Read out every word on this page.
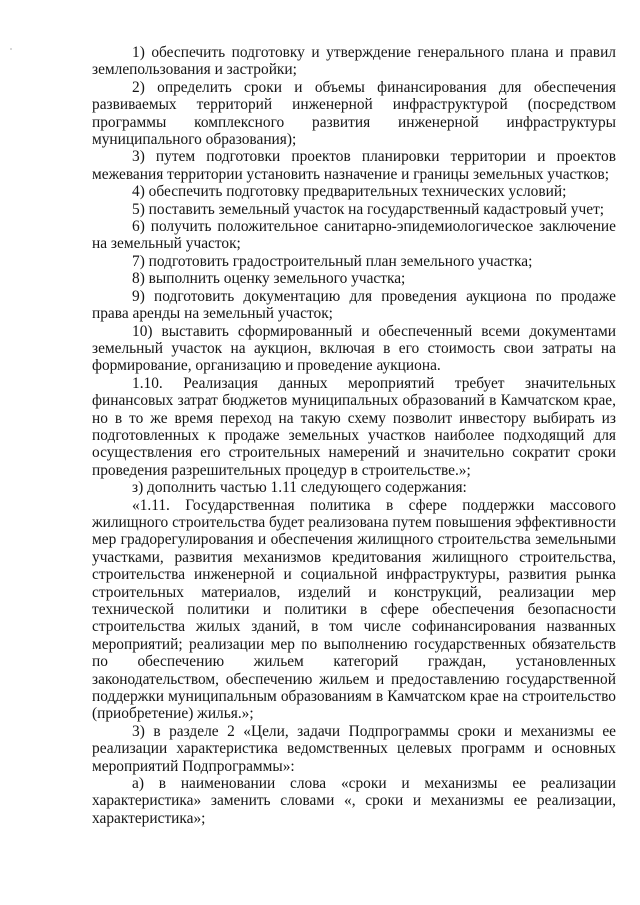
1) обеспечить подготовку и утверждение генерального плана и правил землепользования и застройки;

2) определить сроки и объемы финансирования для обеспечения развиваемых территорий инженерной инфраструктурой (посредством программы комплексного развития инженерной инфраструктуры муниципального образования);

3) путем подготовки проектов планировки территории и проектов межевания территории установить назначение и границы земельных участков;

4) обеспечить подготовку предварительных технических условий;

5) поставить земельный участок на государственный кадастровый учет;

6) получить положительное санитарно-эпидемиологическое заключение на земельный участок;

7) подготовить градостроительный план земельного участка;

8) выполнить оценку земельного участка;

9) подготовить документацию для проведения аукциона по продаже права аренды на земельный участок;

10) выставить сформированный и обеспеченный всеми документами земельный участок на аукцион, включая в его стоимость свои затраты на формирование, организацию и проведение аукциона.

1.10. Реализация данных мероприятий требует значительных финансовых затрат бюджетов муниципальных образований в Камчатском крае, но в то же время переход на такую схему позволит инвестору выбирать из подготовленных к продаже земельных участков наиболее подходящий для осуществления его строительных намерений и значительно сократит сроки проведения разрешительных процедур в строительстве.»;

з) дополнить частью 1.11 следующего содержания:

«1.11. Государственная политика в сфере поддержки массового жилищного строительства будет реализована путем повышения эффективности мер градорегулирования и обеспечения жилищного строительства земельными участками, развития механизмов кредитования жилищного строительства, строительства инженерной и социальной инфраструктуры, развития рынка строительных материалов, изделий и конструкций, реализации мер технической политики и политики в сфере обеспечения безопасности строительства жилых зданий, в том числе софинансирования названных мероприятий; реализации мер по выполнению государственных обязательств по обеспечению жильем категорий граждан, установленных законодательством, обеспечению жильем и предоставлению государственной поддержки муниципальным образованиям в Камчатском крае на строительство (приобретение) жилья.»;

3) в разделе 2 «Цели, задачи Подпрограммы сроки и механизмы ее реализации характеристика ведомственных целевых программ и основных мероприятий Подпрограммы»:

а) в наименовании слова «сроки и механизмы ее реализации характеристика» заменить словами «, сроки и механизмы ее реализации, характеристика»;
